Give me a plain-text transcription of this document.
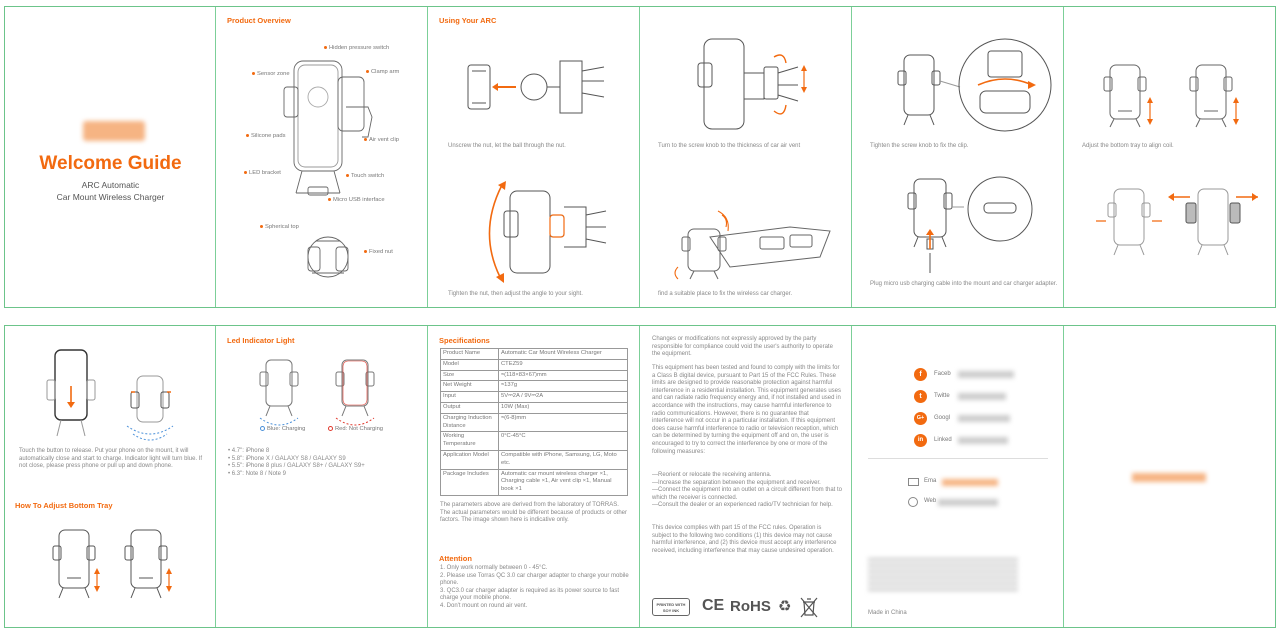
Welcome Guide
ARC Automatic
Car Mount Wireless Charger
Product Overview
Hidden pressure switch
Sensor zone	Clamp arm
Silicone pads
Air vent clip
LED bracket	Touch switch
Micro USB interface
Spherical top
Fixed nut
Using Your ARC
Unscrew the nut, let the ball through the nut.
Tighten the nut, then adjust the angle to your sight.
Turn to the screw knob to the thickness of car air vent
find a suitable place to fix the wireless car charger.
Tighten the screw knob to fix the clip.
Plug micro usb charging cable into the mount and car charger adapter.
Adjust the bottom tray to align coil.
Touch the button to release. Put your phone on the mount, it will automatically close and start to charge. Indicator light will turn blue. If not close, please press phone or pull up and down phone.
How To Adjust Bottom Tray
Led Indicator Light
Blue: Charging	Red: Not Charging
• 4.7": iPhone 8
• 5.8": iPhone X / GALAXY S8 / GALAXY S9
• 5.5": iPhone 8 plus / GALAXY S8+ / GALAXY S9+
• 6.3": Note 8 / Note 9
Specifications
Product Name	Automatic Car Mount Wireless Charger
Model	CTEZ59
Size	≈(118×83×67)mm
Net Weight	≈137g
Input	5V⎓2A / 9V⎓2A
Output	10W (Max)
Charging Induction Distance	≈(6-8)mm
Working Temperature	0°C-45°C
Application Model	Compatible with iPhone, Samsung, LG, Moto etc.
Package Includes	Automatic car mount wireless charger ×1, Charging cable ×1, Air vent clip ×1, Manual book ×1
The parameters above are derived from the laboratory of TORRAS. The actual parameters would be different because of products or other factors. The image shown here is indicative only.
Attention
1. Only work normally between 0 - 45°C.
2. Please use Torras QC 3.0 car charger adapter to charge your mobile phone.
3. QC3.0 car charger adapter is required as its power source to fast charge your mobile phone.
4. Don't mount on round air vent.
Changes or modifications not expressly approved by the party responsible for compliance could void the user's authority to operate the equipment.
This equipment has been tested and found to comply with the limits for a Class B digital device, pursuant to Part 15 of the FCC Rules. These limits are designed to provide reasonable protection against harmful interference in a residential installation. This equipment generates uses and can radiate radio frequency energy and, if not installed and used in accordance with the instructions, may cause harmful interference to radio communications. However, there is no guarantee that interference will not occur in a particular installation. If this equipment does cause harmful interference to radio or television reception, which can be determined by turning the equipment off and on, the user is encouraged to try to correct the interference by one or more of the following measures:
—Reorient or relocate the receiving antenna.
—Increase the separation between the equipment and receiver.
—Connect the equipment into an outlet on a circuit different from that to which the receiver is connected.
—Consult the dealer or an experienced radio/TV technician for help.
This device complies with part 15 of the FCC rules. Operation is subject to the following two conditions (1) this device may not cause harmful interference, and (2) this device must accept any interference received, including interference that may cause undesired operation.
PRINTED WITH SOY INK	CE RoHS ♻
f	Faceb
t	Twitte
G+	Googl
in	Linked
Ema
Web
Made in China
